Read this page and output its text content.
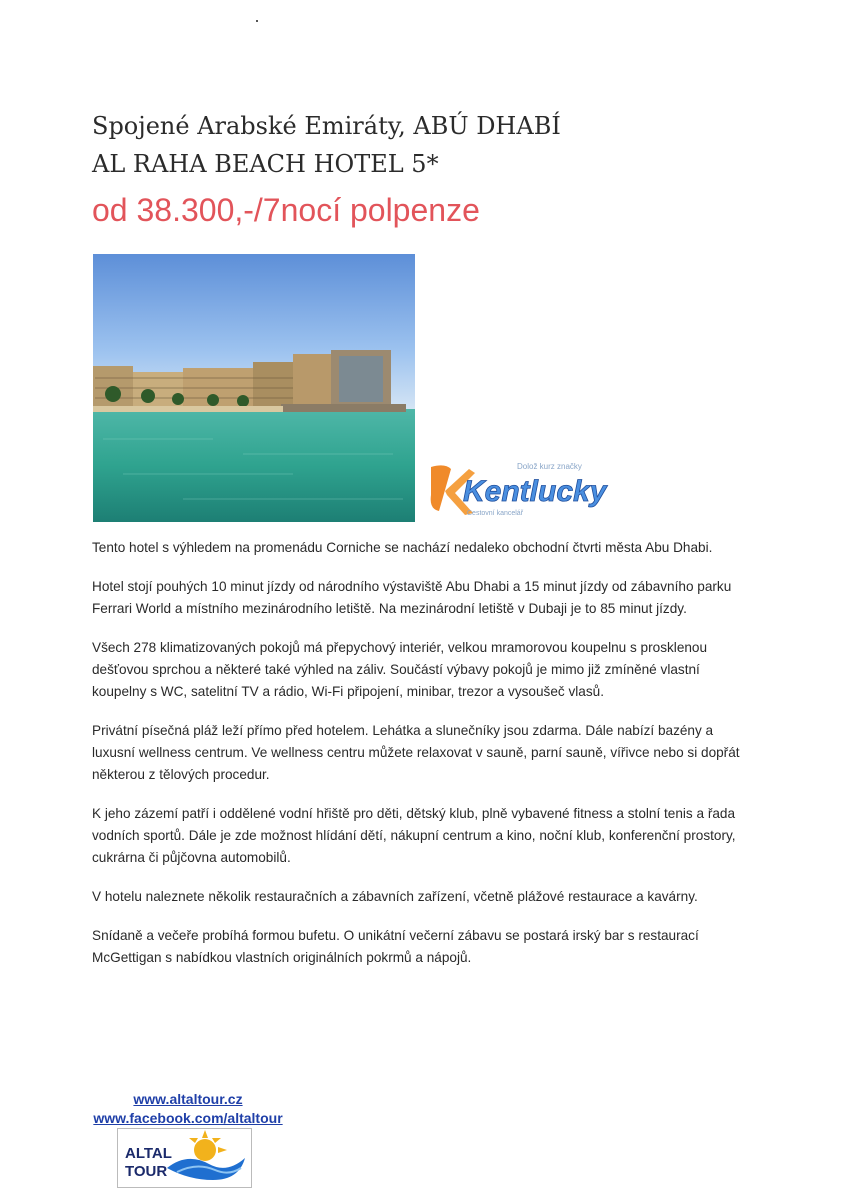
Spojené Arabské Emiráty, ABÚ DHABÍ
AL RAHA BEACH HOTEL 5*
od 38.300,-/7nocí polpenze
Dolož kurz značky
Kentlucky
Cestovní kancelář

Tento hotel s výhledem na promenádu Corniche se nachází nedaleko obchodní čtvrti města Abu Dhabi.

Hotel stojí pouhých 10 minut jízdy od národního výstaviště Abu Dhabi a 15 minut jízdy od zábavního parku Ferrari World a místního mezinárodního letiště. Na mezinárodní letiště v Dubaji je to 85 minut jízdy.

Všech 278 klimatizovaných pokojů má přepychový interiér, velkou mramorovou koupelnu s prosklenou dešťovou sprchou a některé také výhled na záliv. Součástí výbavy pokojů je mimo již zmíněné vlastní koupelny s WC, satelitní TV a rádio, Wi-Fi připojení, minibar, trezor a vysoušeč vlasů.

Privátní písečná pláž leží přímo před hotelem. Lehátka a slunečníky jsou zdarma. Dále nabízí bazény a luxusní wellness centrum. Ve wellness centru můžete relaxovat v sauně, parní sauně, vířivce nebo si dopřát některou z tělových procedur.

K jeho zázemí patří i oddělené vodní hřiště pro děti, dětský klub, plně vybavené fitness a stolní tenis a řada vodních sportů. Dále je zde možnost hlídání dětí, nákupní centrum a kino, noční klub, konferenční prostory, cukrárna či půjčovna automobilů.

V hotelu naleznete několik restauračních a zábavních zařízení, včetně plážové restaurace a kavárny.

Snídaně a večeře probíhá formou bufetu. O unikátní večerní zábavu se postará irský bar s restaurací McGettigan s nabídkou vlastních originálních pokrmů a nápojů.

www.altaltour.cz
www.facebook.com/altaltour
ALTAL
TOUR
